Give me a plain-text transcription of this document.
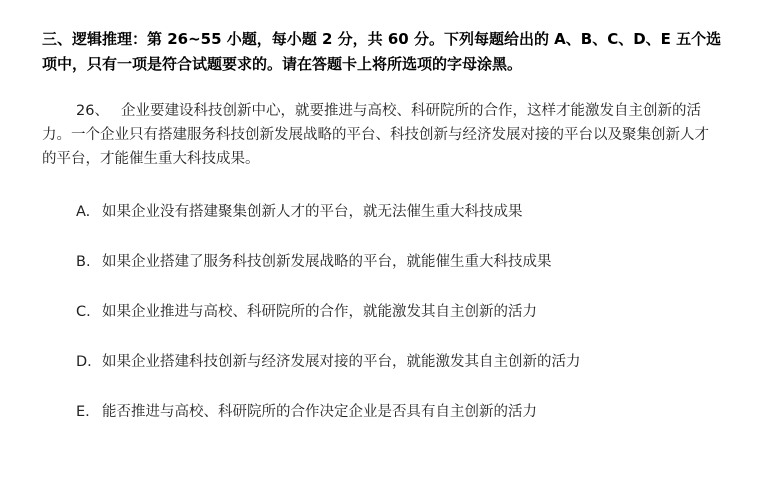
三、逻辑推理：第 26~55 小题，每小题 2 分，共 60 分。下列每题给出的 A、B、C、D、E 五个选项中，只有一项是符合试题要求的。请在答题卡上将所选项的字母涂黑。

26、 企业要建设科技创新中心，就要推进与高校、科研院所的合作，这样才能激发自主创新的活力。一个企业只有搭建服务科技创新发展战略的平台、科技创新与经济发展对接的平台以及聚集创新人才的平台，才能催生重大科技成果。

A. 如果企业没有搭建聚集创新人才的平台，就无法催生重大科技成果

B. 如果企业搭建了服务科技创新发展战略的平台，就能催生重大科技成果

C. 如果企业推进与高校、科研院所的合作，就能激发其自主创新的活力

D. 如果企业搭建科技创新与经济发展对接的平台，就能激发其自主创新的活力

E. 能否推进与高校、科研院所的合作决定企业是否具有自主创新的活力
